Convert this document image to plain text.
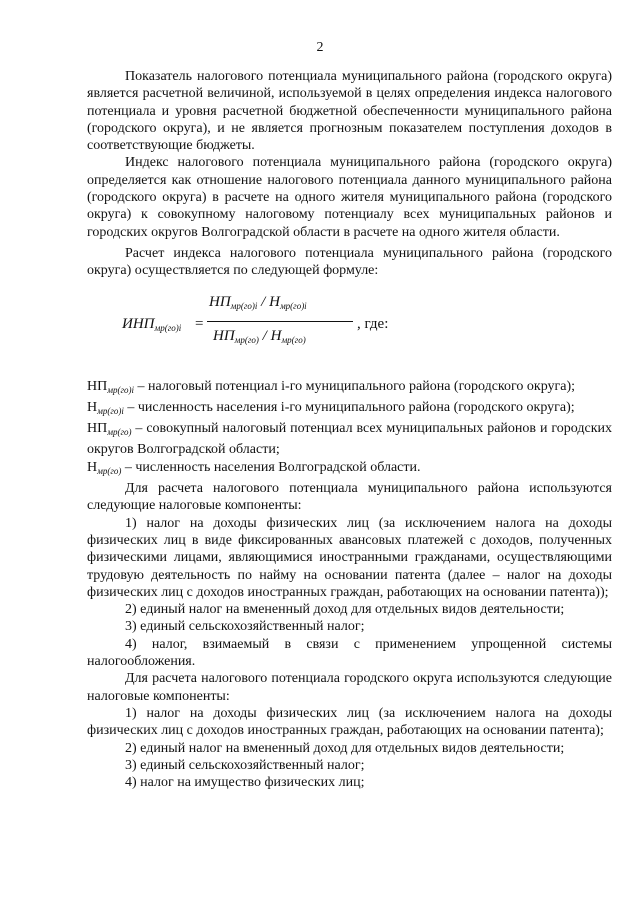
2

Показатель налогового потенциала муниципального района (городского округа) является расчетной величиной, используемой в целях определения индекса налогового потенциала и уровня расчетной бюджетной обеспеченности муниципального района (городского округа), и не является прогнозным показателем поступления доходов в соответствующие бюджеты.

Индекс налогового потенциала муниципального района (городского округа) определяется как отношение налогового потенциала данного муниципального района (городского округа) в расчете на одного жителя муниципального района (городского округа) к совокупному налоговому потенциалу всех муниципальных районов и городских округов Волгоградской области в расчете на одного жителя области.

Расчет индекса налогового потенциала муниципального района (городского округа) осуществляется по следующей формуле:

$ИНП_{мр(го)i}$ =
$НП_{мр(го)i} / Н_{мр(го)i}$
$НП_{мр(го)} / Н_{мр(го)}$
, где:

$НП_{мр(го)i}$ – налоговый потенциал i-го муниципального района (городского округа);

$Н_{мр(го)i}$ – численность населения i-го муниципального района (городского округа);

$НП_{мр(го)}$ – совокупный налоговый потенциал всех муниципальных районов и городских округов Волгоградской области;

$Н_{мр(го)}$ – численность населения Волгоградской области.

Для расчета налогового потенциала муниципального района используются следующие налоговые компоненты:

1) налог на доходы физических лиц (за исключением налога на доходы физических лиц в виде фиксированных авансовых платежей с доходов, полученных физическими лицами, являющимися иностранными гражданами, осуществляющими трудовую деятельность по найму на основании патента (далее – налог на доходы физических лиц с доходов иностранных граждан, работающих на основании патента));

2) единый налог на вмененный доход для отдельных видов деятельности;

3) единый сельскохозяйственный налог;

4) налог, взимаемый в связи с применением упрощенной системы налогообложения.

Для расчета налогового потенциала городского округа используются следующие налоговые компоненты:

1) налог на доходы физических лиц (за исключением налога на доходы физических лиц с доходов иностранных граждан, работающих на основании патента);

2) единый налог на вмененный доход для отдельных видов деятельности;

3) единый сельскохозяйственный налог;

4) налог на имущество физических лиц;
